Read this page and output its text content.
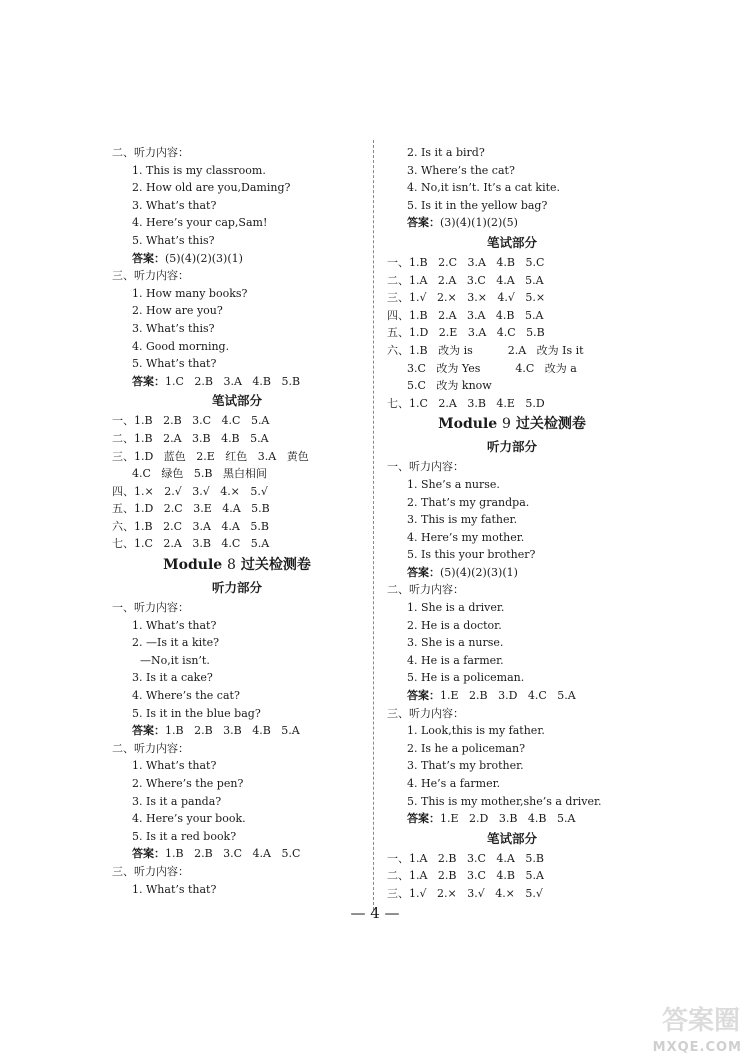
二、听力内容：
1. This is my classroom.
2. How old are you,Daming?
3. What’s that?
4. Here’s your cap,Sam!
5. What’s this?
答案：(5)(4)(2)(3)(1)
三、听力内容：
1. How many books?
2. How are you?
3. What’s this?
4. Good morning.
5. What’s that?
答案：1.C   2.B   3.A   4.B   5.B
笔试部分
一、1.B   2.B   3.C   4.C   5.A
二、1.B   2.A   3.B   4.B   5.A
三、1.D   蓝色   2.E   红色   3.A   黄色
4.C   绿色   5.B   黑白相间
四、1.×   2.√   3.√   4.×   5.√
五、1.D   2.C   3.E   4.A   5.B
六、1.B   2.C   3.A   4.A   5.B
七、1.C   2.A   3.B   4.C   5.A
Module 8 过关检测卷
听力部分
一、听力内容：
1. What’s that?
2. —Is it a kite?
—No,it isn’t.
3. Is it a cake?
4. Where’s the cat?
5. Is it in the blue bag?
答案：1.B   2.B   3.B   4.B   5.A
二、听力内容：
1. What’s that?
2. Where’s the pen?
3. Is it a panda?
4. Here’s your book.
5. Is it a red book?
答案：1.B   2.B   3.C   4.A   5.C
三、听力内容：
1. What’s that?
2. Is it a bird?
3. Where’s the cat?
4. No,it isn’t. It’s a cat kite.
5. Is it in the yellow bag?
答案：(3)(4)(1)(2)(5)
笔试部分
一、1.B   2.C   3.A   4.B   5.C
二、1.A   2.A   3.C   4.A   5.A
三、1.√   2.×   3.×   4.√   5.×
四、1.B   2.A   3.A   4.B   5.A
五、1.D   2.E   3.A   4.C   5.B
六、1.B   改为 is          2.A   改为 Is it
3.C   改为 Yes          4.C   改为 a
5.C   改为 know
七、1.C   2.A   3.B   4.E   5.D
Module 9 过关检测卷
听力部分
一、听力内容：
1. She’s a nurse.
2. That’s my grandpa.
3. This is my father.
4. Here’s my mother.
5. Is this your brother?
答案：(5)(4)(2)(3)(1)
二、听力内容：
1. She is a driver.
2. He is a doctor.
3. She is a nurse.
4. He is a farmer.
5. He is a policeman.
答案：1.E   2.B   3.D   4.C   5.A
三、听力内容：
1. Look,this is my father.
2. Is he a policeman?
3. That’s my brother.
4. He’s a farmer.
5. This is my mother,she’s a driver.
答案：1.E   2.D   3.B   4.B   5.A
笔试部分
一、1.A   2.B   3.C   4.A   5.B
二、1.A   2.B   3.C   4.B   5.A
三、1.√   2.×   3.√   4.×   5.√
— 4 —
答案圈
MXQE.COM
